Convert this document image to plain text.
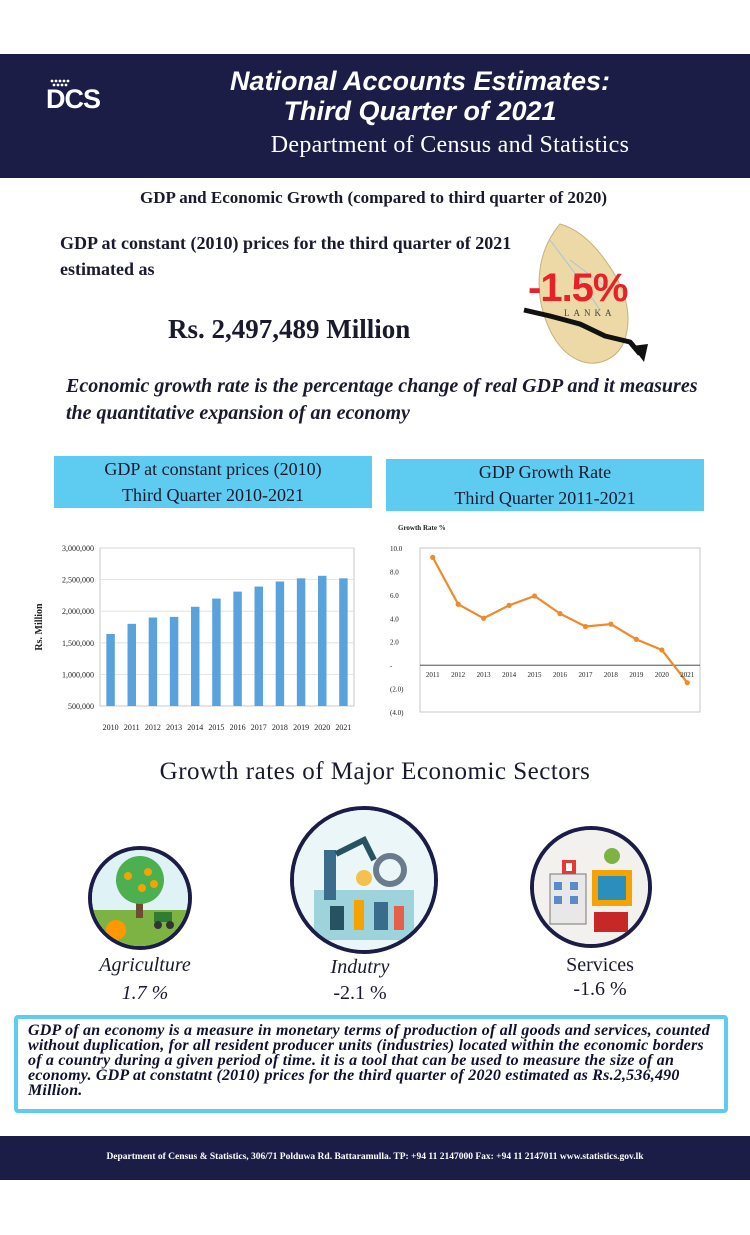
DCS
National Accounts Estimates:
Third Quarter of 2021
Department of Census and Statistics
GDP and Economic Growth (compared to third quarter of 2020)
GDP at constant (2010) prices for the third quarter of 2021 estimated as
Rs. 2,497,489 Million
LANKA
-1.5%
Economic growth rate is the percentage change of real GDP and it measures the quantitative expansion of an economy
GDP at constant prices (2010)
Third Quarter 2010-2021
GDP Growth Rate
Third Quarter 2011-2021
500,000
1,000,000
1,500,000
2,000,000
2,500,000
3,000,000
2010 2011 2012 2013 2014 2015 2016 2017 2018 2019 2020 2021
Rs. Million
Growth Rate %
(4.0)
(2.0)
-
2.0
4.0
6.0
8.0
10.0
2011 2012 2013 2014 2015 2016 2017 2018 2019 2020 2021
Growth rates of Major Economic Sectors
Agriculture
1.7 %
Indutry
-2.1 %
Services
-1.6 %
GDP of an economy is a measure in monetary terms of production of all goods and services, counted without duplication, for all resident producer units (industries) located within the economic borders of a country during a given period of time. it is a tool that can be used to measure the size of an economy. GDP at constatnt (2010) prices for the third quarter of 2020 estimated as Rs.2,536,490 Million.
Department of Census & Statistics, 306/71 Polduwa Rd. Battaramulla. TP: +94 11 2147000 Fax: +94 11 2147011 www.statistics.gov.lk
